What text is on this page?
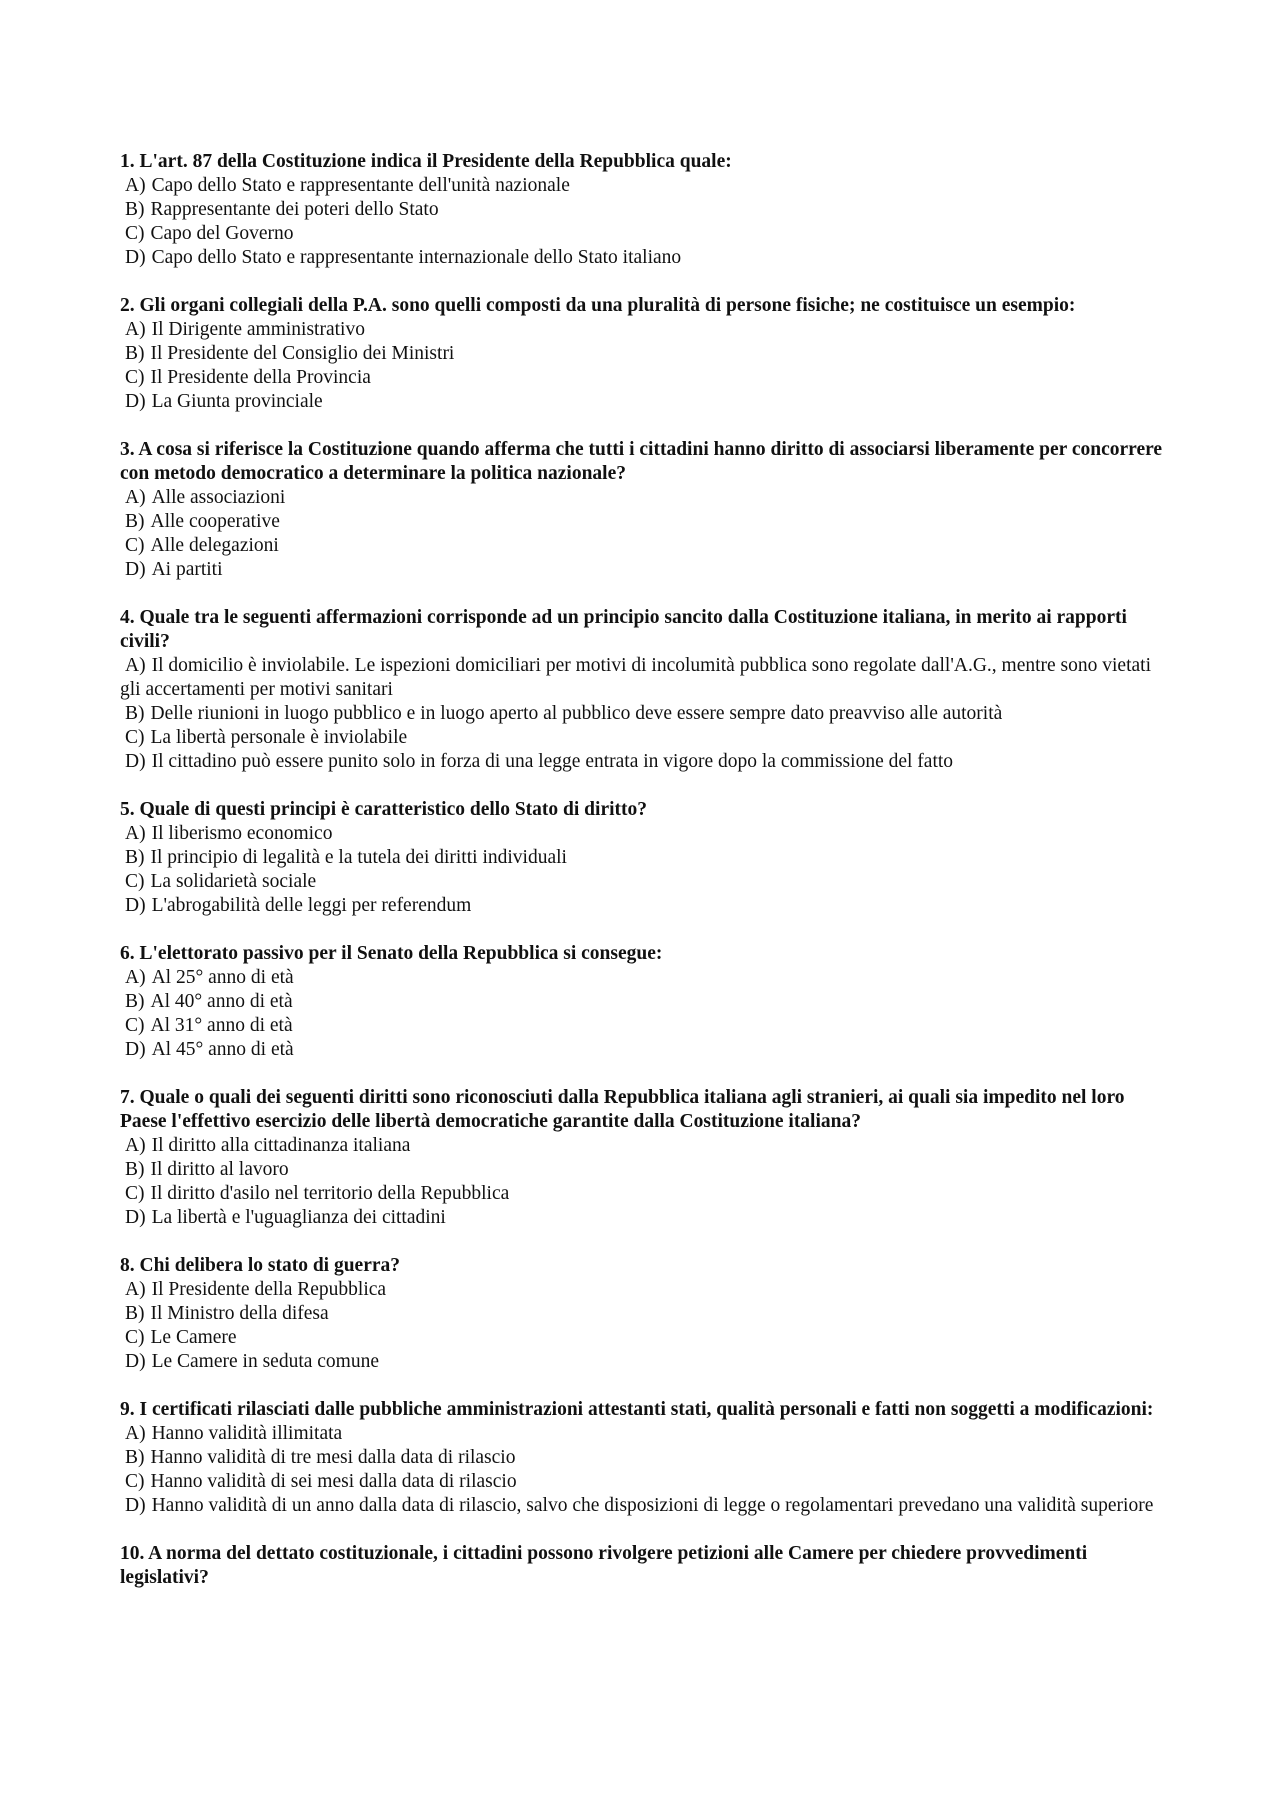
1. L'art. 87 della Costituzione indica il Presidente della Repubblica quale:

A) Capo dello Stato e rappresentante dell'unità nazionale
B) Rappresentante dei poteri dello Stato
C) Capo del Governo
D) Capo dello Stato e rappresentante internazionale dello Stato italiano

2. Gli organi collegiali della P.A. sono quelli composti da una pluralità di persone fisiche; ne costituisce un esempio:

A) Il Dirigente amministrativo
B) Il Presidente del Consiglio dei Ministri
C) Il Presidente della Provincia
D) La Giunta provinciale

3. A cosa si riferisce la Costituzione quando afferma che tutti i cittadini hanno diritto di associarsi liberamente per concorrere con metodo democratico a determinare la politica nazionale?

A) Alle associazioni
B) Alle cooperative
C) Alle delegazioni
D) Ai partiti

4. Quale tra le seguenti affermazioni corrisponde ad un principio sancito dalla Costituzione italiana, in merito ai rapporti civili?

A) Il domicilio è inviolabile. Le ispezioni domiciliari per motivi di incolumità pubblica sono regolate dall'A.G., mentre sono vietati gli accertamenti per motivi sanitari
B) Delle riunioni in luogo pubblico e in luogo aperto al pubblico deve essere sempre dato preavviso alle autorità
C) La libertà personale è inviolabile
D) Il cittadino può essere punito solo in forza di una legge entrata in vigore dopo la commissione del fatto

5. Quale di questi principi è caratteristico dello Stato di diritto?

A) Il liberismo economico
B) Il principio di legalità e la tutela dei diritti individuali
C) La solidarietà sociale
D) L'abrogabilità delle leggi per referendum

6. L'elettorato passivo per il Senato della Repubblica si consegue:

A) Al 25° anno di età
B) Al 40° anno di età
C) Al 31° anno di età
D) Al 45° anno di età

7. Quale o quali dei seguenti diritti sono riconosciuti dalla Repubblica italiana agli stranieri, ai quali sia impedito nel loro Paese l'effettivo esercizio delle libertà democratiche garantite dalla Costituzione italiana?

A) Il diritto alla cittadinanza italiana
B) Il diritto al lavoro
C) Il diritto d'asilo nel territorio della Repubblica
D) La libertà e l'uguaglianza dei cittadini

8. Chi delibera lo stato di guerra?

A) Il Presidente della Repubblica
B) Il Ministro della difesa
C) Le Camere
D) Le Camere in seduta comune

9. I certificati rilasciati dalle pubbliche amministrazioni attestanti stati, qualità personali e fatti non soggetti a modificazioni:

A) Hanno validità illimitata
B) Hanno validità di tre mesi dalla data di rilascio
C) Hanno validità di sei mesi dalla data di rilascio
D) Hanno validità di un anno dalla data di rilascio, salvo che disposizioni di legge o regolamentari prevedano una validità superiore

10. A norma del dettato costituzionale, i cittadini possono rivolgere petizioni alle Camere per chiedere provvedimenti legislativi?
